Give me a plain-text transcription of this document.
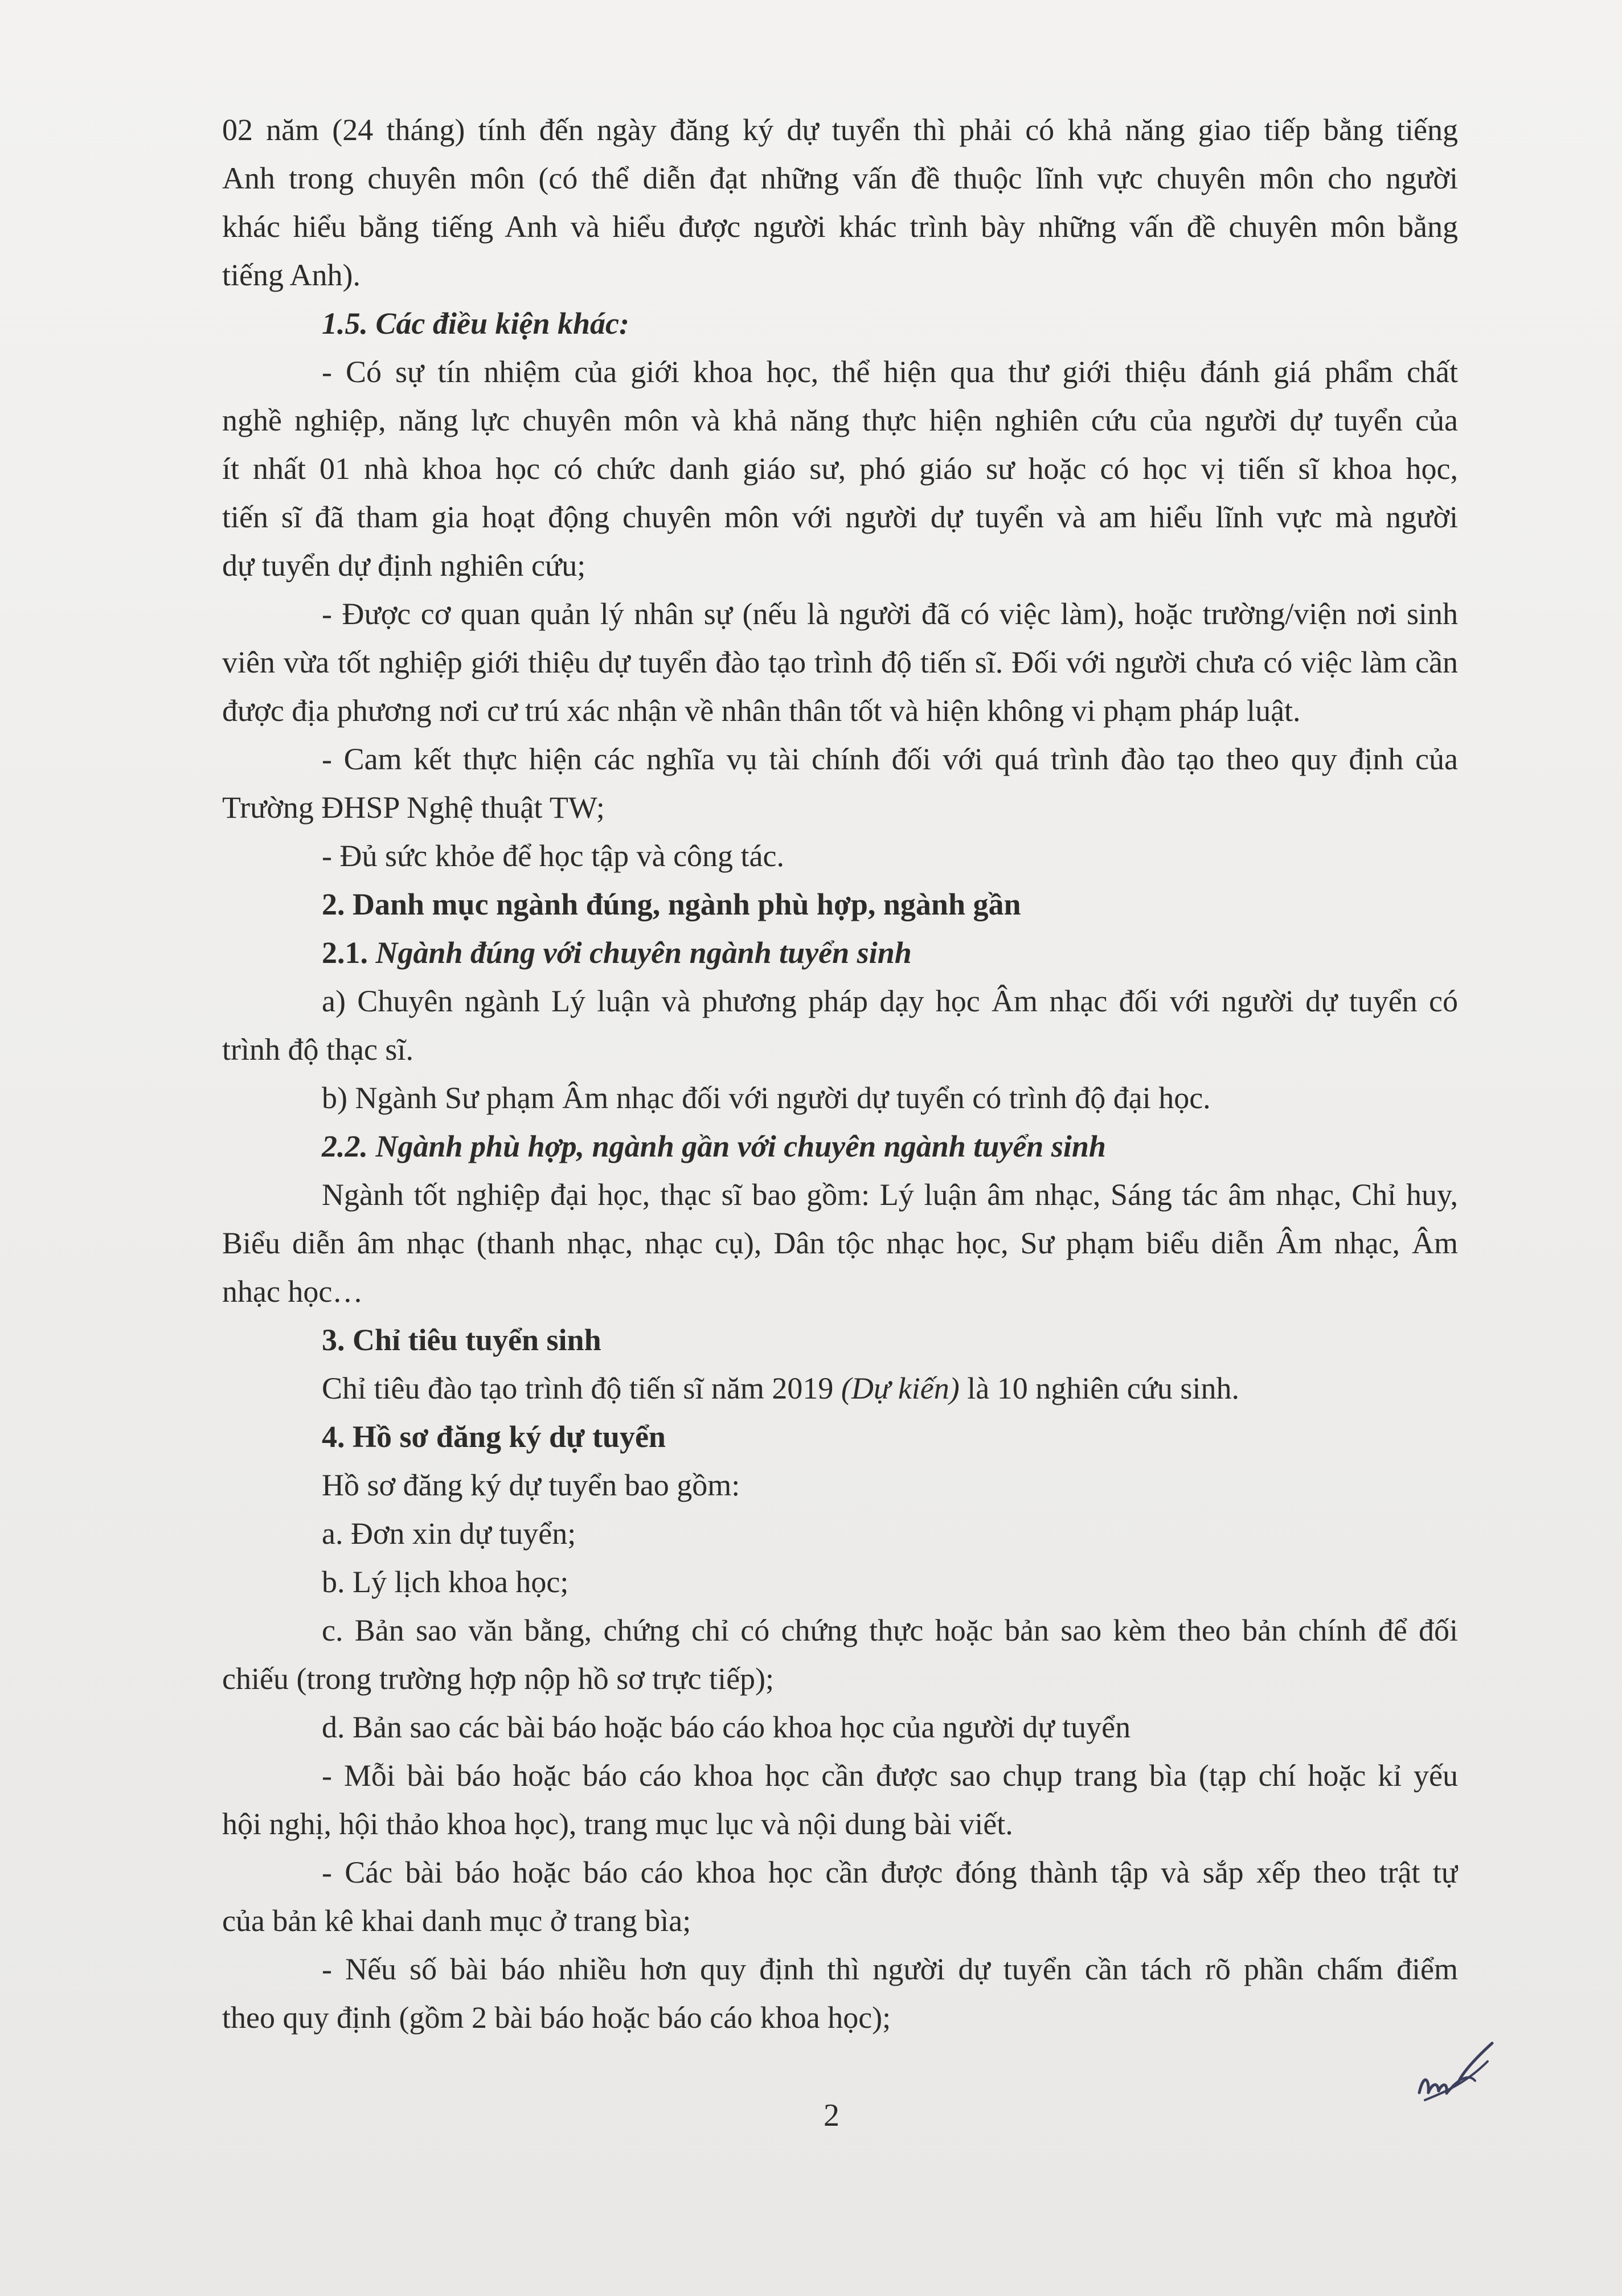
02 năm (24 tháng) tính đến ngày đăng ký dự tuyển thì phải có khả năng giao tiếp bằng tiếng
Anh trong chuyên môn (có thể diễn đạt những vấn đề thuộc lĩnh vực chuyên môn cho người
khác hiểu bằng tiếng Anh và hiểu được người khác trình bày những vấn đề chuyên môn bằng
tiếng Anh).
1.5. Các điều kiện khác:
- Có sự tín nhiệm của giới khoa học, thể hiện qua thư giới thiệu đánh giá phẩm chất
nghề nghiệp, năng lực chuyên môn và khả năng thực hiện nghiên cứu của người dự tuyển của
ít nhất 01 nhà khoa học có chức danh giáo sư, phó giáo sư hoặc có học vị tiến sĩ khoa học,
tiến sĩ đã tham gia hoạt động chuyên môn với người dự tuyển và am hiểu lĩnh vực mà người
dự tuyển dự định nghiên cứu;
- Được cơ quan quản lý nhân sự (nếu là người đã có việc làm), hoặc trường/viện nơi sinh
viên vừa tốt nghiệp giới thiệu dự tuyển đào tạo trình độ tiến sĩ. Đối với người chưa có việc làm cần
được địa phương nơi cư trú xác nhận về nhân thân tốt và hiện không vi phạm pháp luật.
- Cam kết thực hiện các nghĩa vụ tài chính đối với quá trình đào tạo theo quy định của
Trường ĐHSP Nghệ thuật TW;
- Đủ sức khỏe để học tập và công tác.
2. Danh mục ngành đúng, ngành phù hợp, ngành gần
2.1. Ngành đúng với chuyên ngành tuyển sinh
a) Chuyên ngành Lý luận và phương pháp dạy học Âm nhạc đối với người dự tuyển có
trình độ thạc sĩ.
b) Ngành Sư phạm Âm nhạc đối với người dự tuyển có trình độ đại học.
2.2. Ngành phù hợp, ngành gần với chuyên ngành tuyển sinh
Ngành tốt nghiệp đại học, thạc sĩ bao gồm: Lý luận âm nhạc, Sáng tác âm nhạc, Chỉ huy,
Biểu diễn âm nhạc (thanh nhạc, nhạc cụ), Dân tộc nhạc học, Sư phạm biểu diễn Âm nhạc, Âm
nhạc học…
3. Chỉ tiêu tuyển sinh
Chỉ tiêu đào tạo trình độ tiến sĩ năm 2019 (Dự kiến) là 10 nghiên cứu sinh.
4. Hồ sơ đăng ký dự tuyển
Hồ sơ đăng ký dự tuyển bao gồm:
a. Đơn xin dự tuyển;
b. Lý lịch khoa học;
c. Bản sao văn bằng, chứng chỉ có chứng thực hoặc bản sao kèm theo bản chính để đối
chiếu (trong trường hợp nộp hồ sơ trực tiếp);
d. Bản sao các bài báo hoặc báo cáo khoa học của người dự tuyển
- Mỗi bài báo hoặc báo cáo khoa học cần được sao chụp trang bìa (tạp chí hoặc kỉ yếu
hội nghị, hội thảo khoa học), trang mục lục và nội dung bài viết.
- Các bài báo hoặc báo cáo khoa học cần được đóng thành tập và sắp xếp theo trật tự
của bản kê khai danh mục ở trang bìa;
- Nếu số bài báo nhiều hơn quy định thì người dự tuyển cần tách rõ phần chấm điểm
theo quy định (gồm 2 bài báo hoặc báo cáo khoa học);
2
